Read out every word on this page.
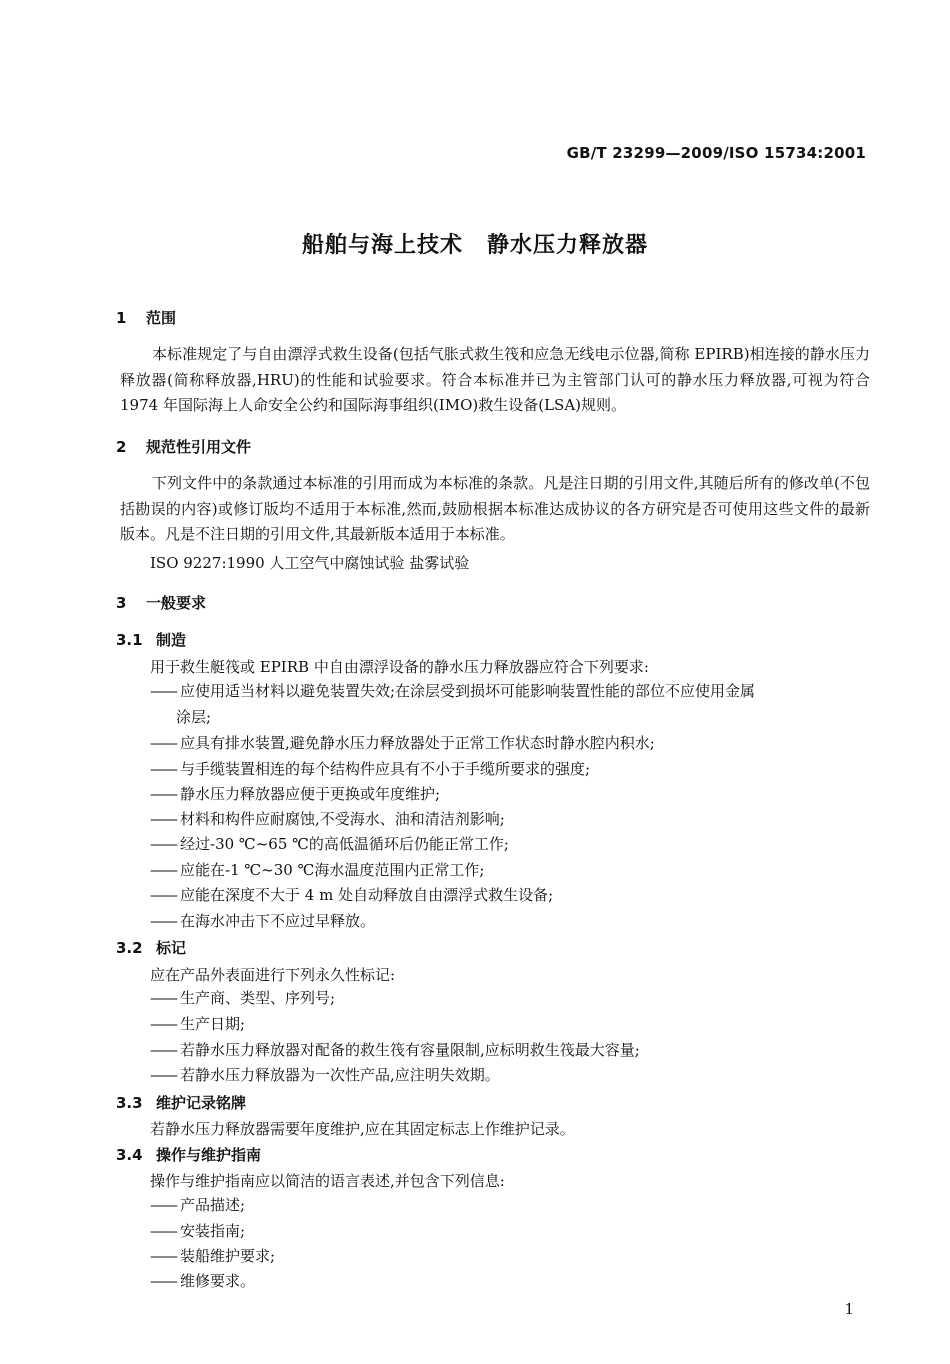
GB/T 23299—2009/ISO 15734:2001
船舶与海上技术 静水压力释放器
1 范围
本标准规定了与自由漂浮式救生设备(包括气胀式救生筏和应急无线电示位器,简称 EPIRB)相连接的静水压力释放器(简称释放器,HRU)的性能和试验要求。符合本标准并已为主管部门认可的静水压力释放器,可视为符合 1974 年国际海上人命安全公约和国际海事组织(IMO)救生设备(LSA)规则。
2 规范性引用文件
下列文件中的条款通过本标准的引用而成为本标准的条款。凡是注日期的引用文件,其随后所有的修改单(不包括勘误的内容)或修订版均不适用于本标准,然而,鼓励根据本标准达成协议的各方研究是否可使用这些文件的最新版本。凡是不注日期的引用文件,其最新版本适用于本标准。
ISO 9227:1990 人工空气中腐蚀试验 盐雾试验
3 一般要求
3.1 制造
用于救生艇筏或 EPIRB 中自由漂浮设备的静水压力释放器应符合下列要求:
—— 应使用适当材料以避免装置失效;在涂层受到损坏可能影响装置性能的部位不应使用金属
涂层;
—— 应具有排水装置,避免静水压力释放器处于正常工作状态时静水腔内积水;
—— 与手缆装置相连的每个结构件应具有不小于手缆所要求的强度;
—— 静水压力释放器应便于更换或年度维护;
—— 材料和构件应耐腐蚀,不受海水、油和清洁剂影响;
—— 经过-30 ℃~65 ℃的高低温循环后仍能正常工作;
—— 应能在-1 ℃~30 ℃海水温度范围内正常工作;
—— 应能在深度不大于 4 m 处自动释放自由漂浮式救生设备;
—— 在海水冲击下不应过早释放。
3.2 标记
应在产品外表面进行下列永久性标记:
—— 生产商、类型、序列号;
—— 生产日期;
—— 若静水压力释放器对配备的救生筏有容量限制,应标明救生筏最大容量;
—— 若静水压力释放器为一次性产品,应注明失效期。
3.3 维护记录铭牌
若静水压力释放器需要年度维护,应在其固定标志上作维护记录。
3.4 操作与维护指南
操作与维护指南应以简洁的语言表述,并包含下列信息:
—— 产品描述;
—— 安装指南;
—— 装船维护要求;
—— 维修要求。
1
